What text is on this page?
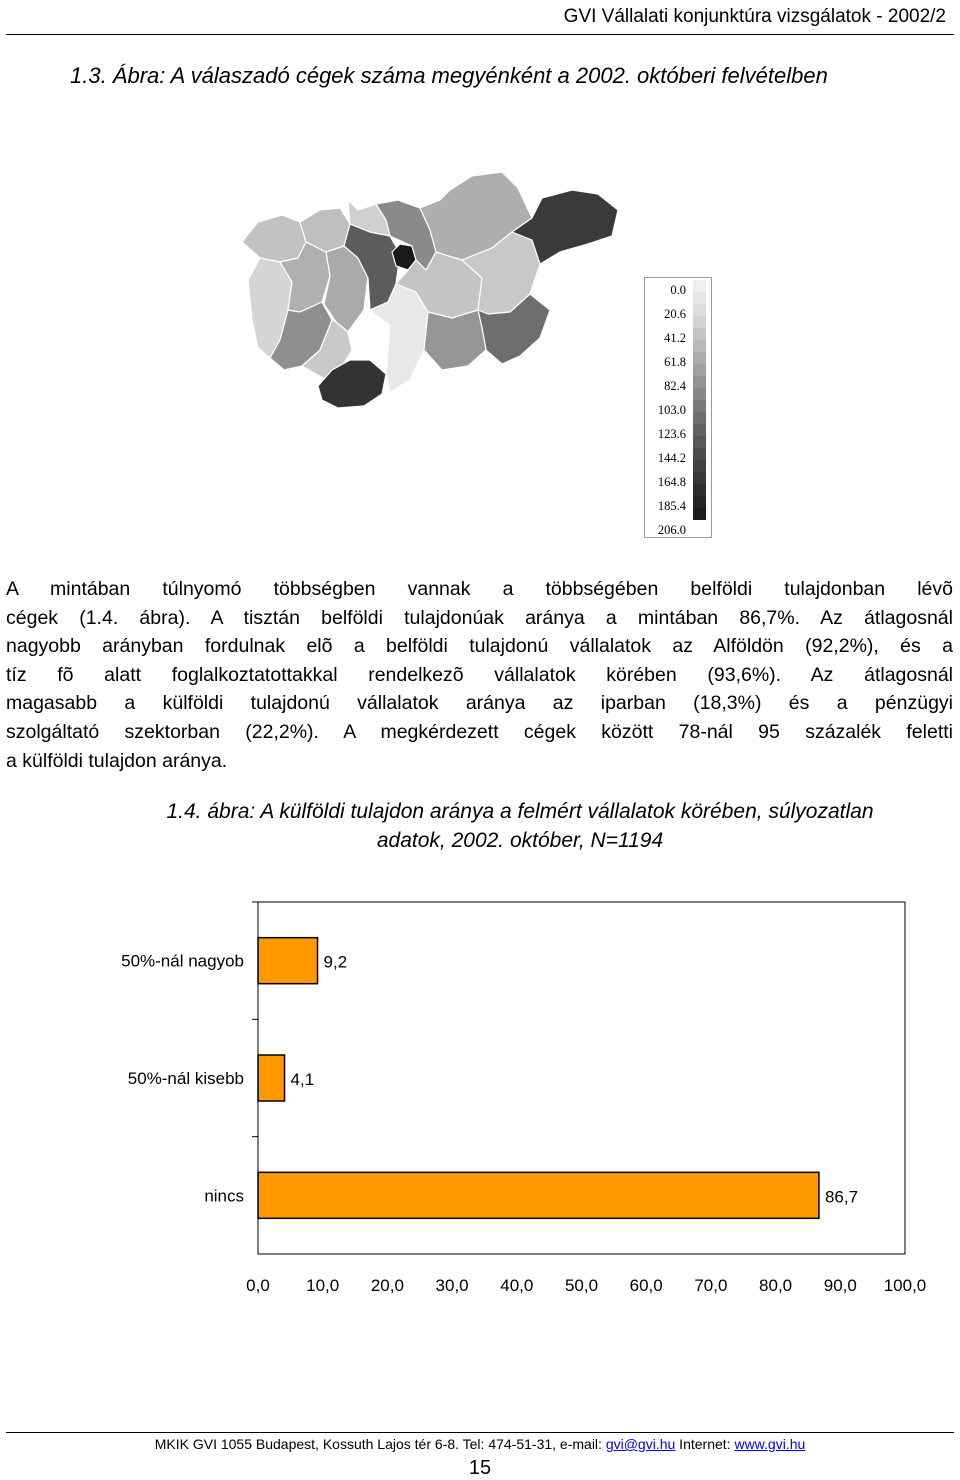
GVI Vállalati konjunktúra vizsgálatok - 2002/2
1.3. Ábra: A válaszadó cégek száma megyénként a 2002. októberi felvételben
0.0
20.6
41.2
61.8
82.4
103.0
123.6
144.2
164.8
185.4
206.0
A mintában túlnyomó többségben vannak a többségében belföldi tulajdonban lévõ
cégek (1.4. ábra). A tisztán belföldi tulajdonúak aránya a mintában 86,7%. Az átlagosnál
nagyobb arányban fordulnak elõ a belföldi tulajdonú vállalatok az Alföldön (92,2%), és a
tíz fõ alatt foglalkoztatottakkal rendelkezõ vállalatok körében (93,6%). Az átlagosnál
magasabb a külföldi tulajdonú vállalatok aránya az iparban (18,3%) és a pénzügyi
szolgáltató szektorban (22,2%). A megkérdezett cégek között 78-nál 95 százalék feletti
a külföldi tulajdon aránya.
1.4. ábra: A külföldi tulajdon aránya a felmért vállalatok körében, súlyozatlan
adatok, 2002. október, N=1194
50%-nál nagyob	9,2
50%-nál kisebb	4,1
nincs	86,7
0,0 10,0 20,0 30,0 40,0 50,0 60,0 70,0 80,0 90,0 100,0
MKIK GVI 1055 Budapest, Kossuth Lajos tér 6-8. Tel: 474-51-31, e-mail: gvi@gvi.hu Internet: www.gvi.hu
15
